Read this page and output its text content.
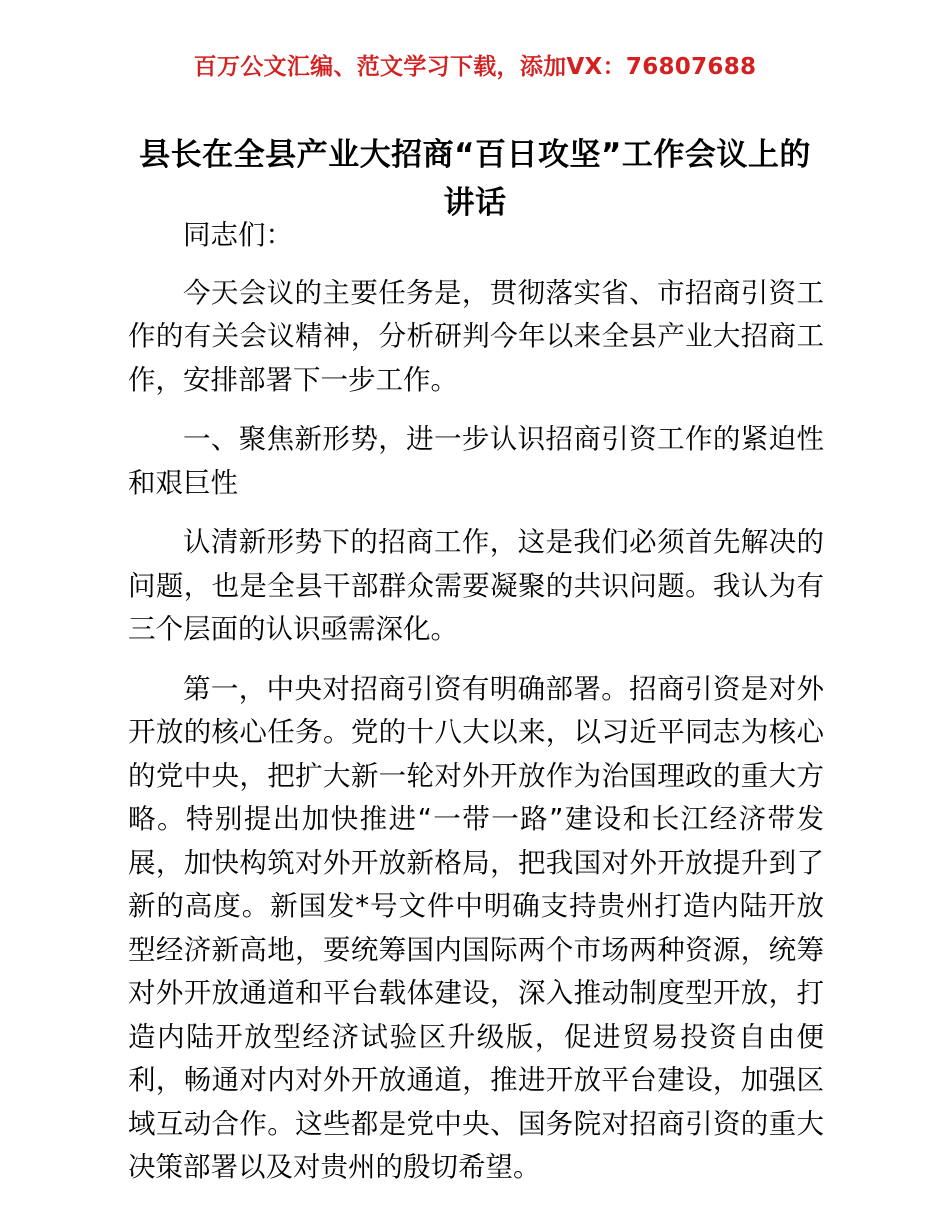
百万公文汇编、范文学习下载，添加VX：76807688
县长在全县产业大招商“百日攻坚”工作会议上的讲话

同志们：

今天会议的主要任务是，贯彻落实省、市招商引资工作的有关会议精神，分析研判今年以来全县产业大招商工作，安排部署下一步工作。

一、聚焦新形势，进一步认识招商引资工作的紧迫性和艰巨性

认清新形势下的招商工作，这是我们必须首先解决的问题，也是全县干部群众需要凝聚的共识问题。我认为有三个层面的认识亟需深化。

第一，中央对招商引资有明确部署。招商引资是对外开放的核心任务。党的十八大以来，以习近平同志为核心的党中央，把扩大新一轮对外开放作为治国理政的重大方略。特别提出加快推进“一带一路”建设和长江经济带发展，加快构筑对外开放新格局，把我国对外开放提升到了新的高度。新国发*号文件中明确支持贵州打造内陆开放型经济新高地，要统筹国内国际两个市场两种资源，统筹对外开放通道和平台载体建设，深入推动制度型开放，打造内陆开放型经济试验区升级版，促进贸易投资自由便利，畅通对内对外开放通道，推进开放平台建设，加强区域互动合作。这些都是党中央、国务院对招商引资的重大决策部署以及对贵州的殷切希望。
